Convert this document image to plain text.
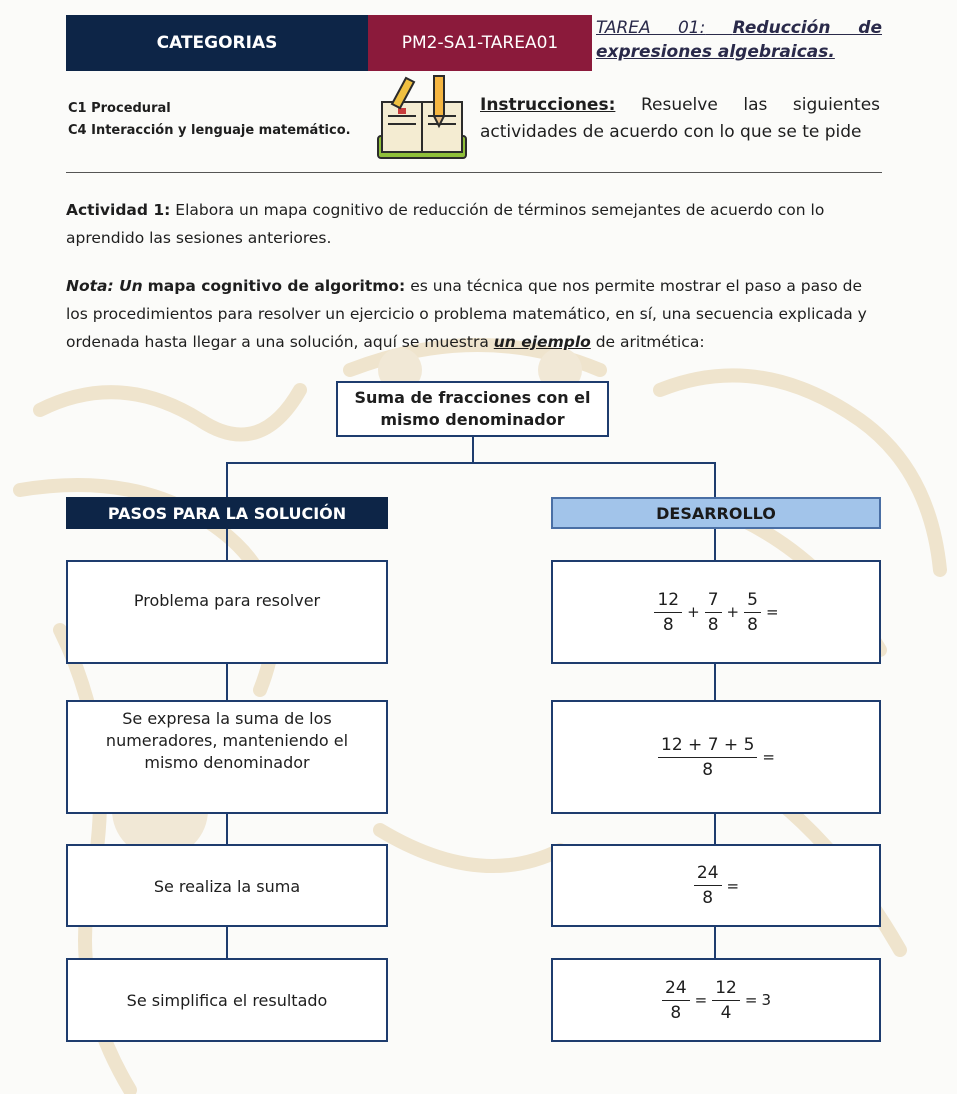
CATEGORIAS	PM2-SA1-TAREA01
TAREA 01: Reducción de
expresiones algebraicas.
C1 Procedural
C4 Interacción y lenguaje matemático.
Instrucciones: Resuelve las siguientes
actividades de acuerdo con lo que se te pide
Actividad 1: Elabora un mapa cognitivo de reducción de términos semejantes de acuerdo con lo aprendido las sesiones anteriores.
Nota: Un mapa cognitivo de algoritmo: es una técnica que nos permite mostrar el paso a paso de los procedimientos para resolver un ejercicio o problema matemático, en sí, una secuencia explicada y ordenada hasta llegar a una solución, aquí se muestra un ejemplo de aritmética:
Suma de fracciones con el mismo denominador
PASOS PARA LA SOLUCIÓN	DESARROLLO
Problema para resolver
Se expresa la suma de los numeradores, manteniendo el mismo denominador
Se realiza la suma
Se simplifica el resultado
$\frac{12}{8} + \frac{7}{8} + \frac{5}{8}$ =
$\frac{12 + 7 + 5}{8}$ =
$\frac{24}{8}$ =
$\frac{24}{8} = \frac{12}{4} = 3$
